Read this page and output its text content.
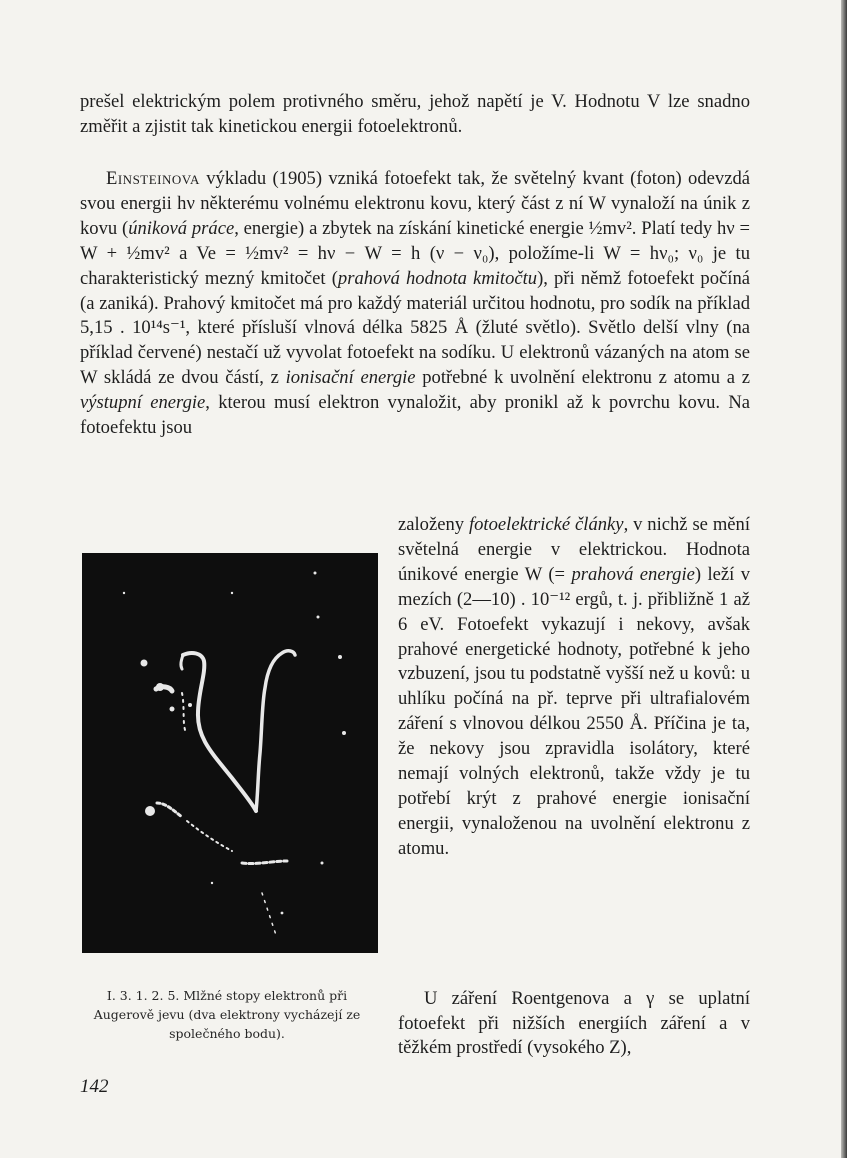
prešel elektrickým polem protivného směru, jehož napětí je V. Hodnotu V lze snadno změřit a zjistit tak kinetickou energii fotoelektronů.

Einsteinova výkladu (1905) vzniká fotoefekt tak, že světelný kvant (foton) odevzdá svou energii hν některému volnému elektronu kovu, který část z ní W vynaloží na únik z kovu (úniková práce, energie) a zbytek na získání kinetické energie ½mv². Platí tedy hν = W + ½mv² a Ve = ½mv² = hν − W = h (ν − ν₀), položíme-li W = hν₀; ν₀ je tu charakteristický mezný kmitočet (prahová hodnota kmitočtu), při němž fotoefekt počíná (a zaniká). Prahový kmitočet má pro každý materiál určitou hodnotu, pro sodík na příklad 5,15 . 10¹⁴s⁻¹, které přísluší vlnová délka 5825 Å (žluté světlo). Světlo delší vlny (na příklad červené) nestačí už vyvolat fotoefekt na sodíku. U elektronů vázaných na atom se W skládá ze dvou částí, z ionisační energie potřebné k uvolnění elektronu z atomu a z výstupní energie, kterou musí elektron vynaložit, aby pronikl až k povrchu kovu. Na fotoefektu jsou

založeny fotoelektrické články, v nichž se mění světelná energie v elektrickou. Hodnota únikové energie W (= prahová energie) leží v mezích (2—10) . 10⁻¹² ergů, t. j. přibližně 1 až 6 eV. Fotoefekt vykazují i nekovy, avšak prahové energetické hodnoty, potřebné k jeho vzbuzení, jsou tu podstatně vyšší než u kovů: u uhlíku počíná na př. teprve při ultrafialovém záření s vlnovou délkou 2550 Å. Příčina je ta, že nekovy jsou zpravidla isolátory, které nemají volných elektronů, takže vždy je tu potřebí krýt z prahové energie ionisační energii, vynaloženou na uvolnění elektronu z atomu.

U záření Roentgenova a γ se uplatní fotoefekt při nižších energiích záření a v těžkém prostředí (vysokého Z),

I. 3. 1. 2. 5. Mlžné stopy elektronů při Augerově jevu (dva elektrony vycházejí ze společného bodu).
142
